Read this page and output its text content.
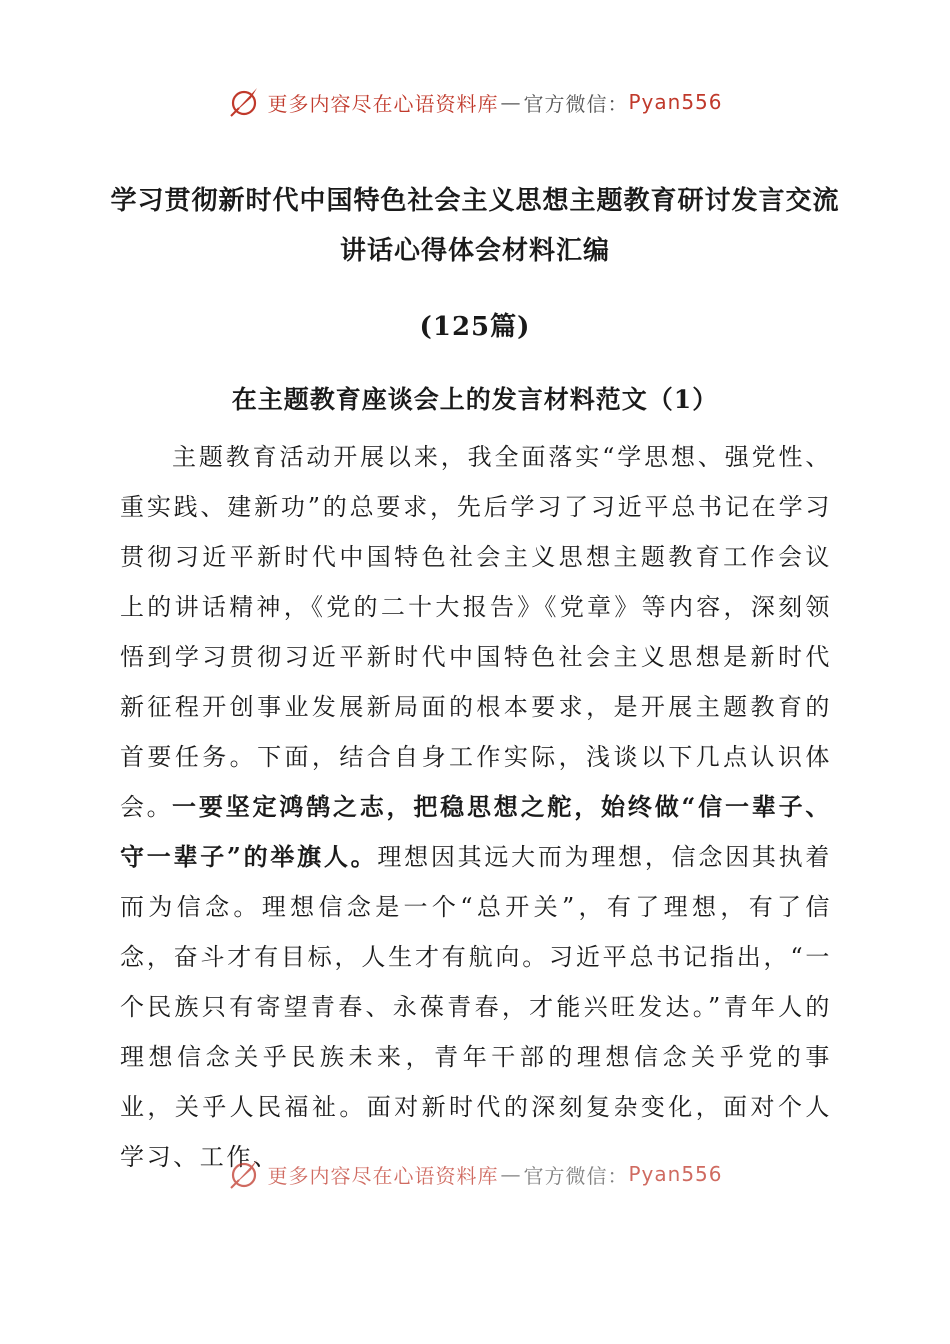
更多内容尽在心语资料库 — 官方微信： Pyan556
学习贯彻新时代中国特色社会主义思想主题教育研讨发言交流
讲话心得体会材料汇编
(125篇)
在主题教育座谈会上的发言材料范文（1）
主题教育活动开展以来，我全面落实“学思想、强党性、重实践、建新功”的总要求，先后学习了习近平总书记在学习贯彻习近平新时代中国特色社会主义思想主题教育工作会议上的讲话精神，《党的二十大报告》《党章》等内容，深刻领悟到学习贯彻习近平新时代中国特色社会主义思想是新时代新征程开创事业发展新局面的根本要求，是开展主题教育的首要任务。下面，结合自身工作实际，浅谈以下几点认识体会。
一要坚定鸿鹄之志，把稳思想之舵，始终做“信一辈子、守一辈子”的举旗人。理想因其远大而为理想，信念因其执着而为信念。理想信念是一个“总开关”，有了理想，有了信念，奋斗才有目标，人生才有航向。习近平总书记指出，“一个民族只有寄望青春、永葆青春，才能兴旺发达。”青年人的理想信念关乎民族未来，青年干部的理想信念关乎党的事业，关乎人民福祉。面对新时代的深刻复杂变化，面对个人学习、工作、
更多内容尽在心语资料库 — 官方微信： Pyan556
